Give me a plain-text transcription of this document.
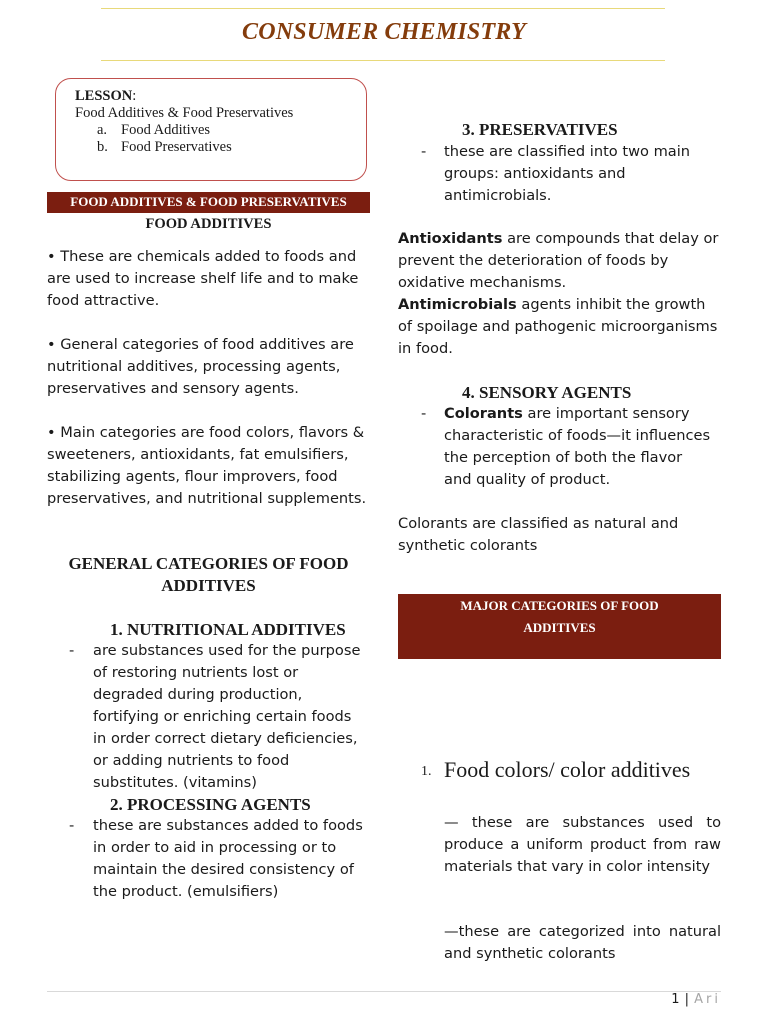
CONSUMER CHEMISTRY
LESSON:
Food Additives & Food Preservatives
a. Food Additives
b. Food Preservatives
FOOD ADDITIVES & FOOD PRESERVATIVES
FOOD ADDITIVES

• These are chemicals added to foods and are used to increase shelf life and to make food attractive.

• General categories of food additives are nutritional additives, processing agents, preservatives and sensory agents.

• Main categories are food colors, flavors & sweeteners, antioxidants, fat emulsifiers, stabilizing agents, flour improvers, food preservatives, and nutritional supplements.

GENERAL CATEGORIES OF FOOD
ADDITIVES
1. NUTRITIONAL ADDITIVES
-	are substances used for the purpose of restoring nutrients lost or degraded during production, fortifying or enriching certain foods in order correct dietary deficiencies, or adding nutrients to food substitutes. (vitamins)
2. PROCESSING AGENTS
-	these are substances added to foods in order to aid in processing or to maintain the desired consistency of the product. (emulsifiers)
3. PRESERVATIVES
-	these are classified into two main groups: antioxidants and antimicrobials.

Antioxidants are compounds that delay or prevent the deterioration of foods by oxidative mechanisms.

Antimicrobials agents inhibit the growth of spoilage and pathogenic microorganisms in food.

4. SENSORY AGENTS
-	Colorants are important sensory characteristic of foods—it influences the perception of both the flavor and quality of product.

Colorants are classified as natural and synthetic colorants

MAJOR CATEGORIES OF FOOD ADDITIVES
1. Food colors/ color additives

— these are substances used to produce a uniform product from raw materials that vary in color intensity

—these are categorized into natural and synthetic colorants

1 | Ari
